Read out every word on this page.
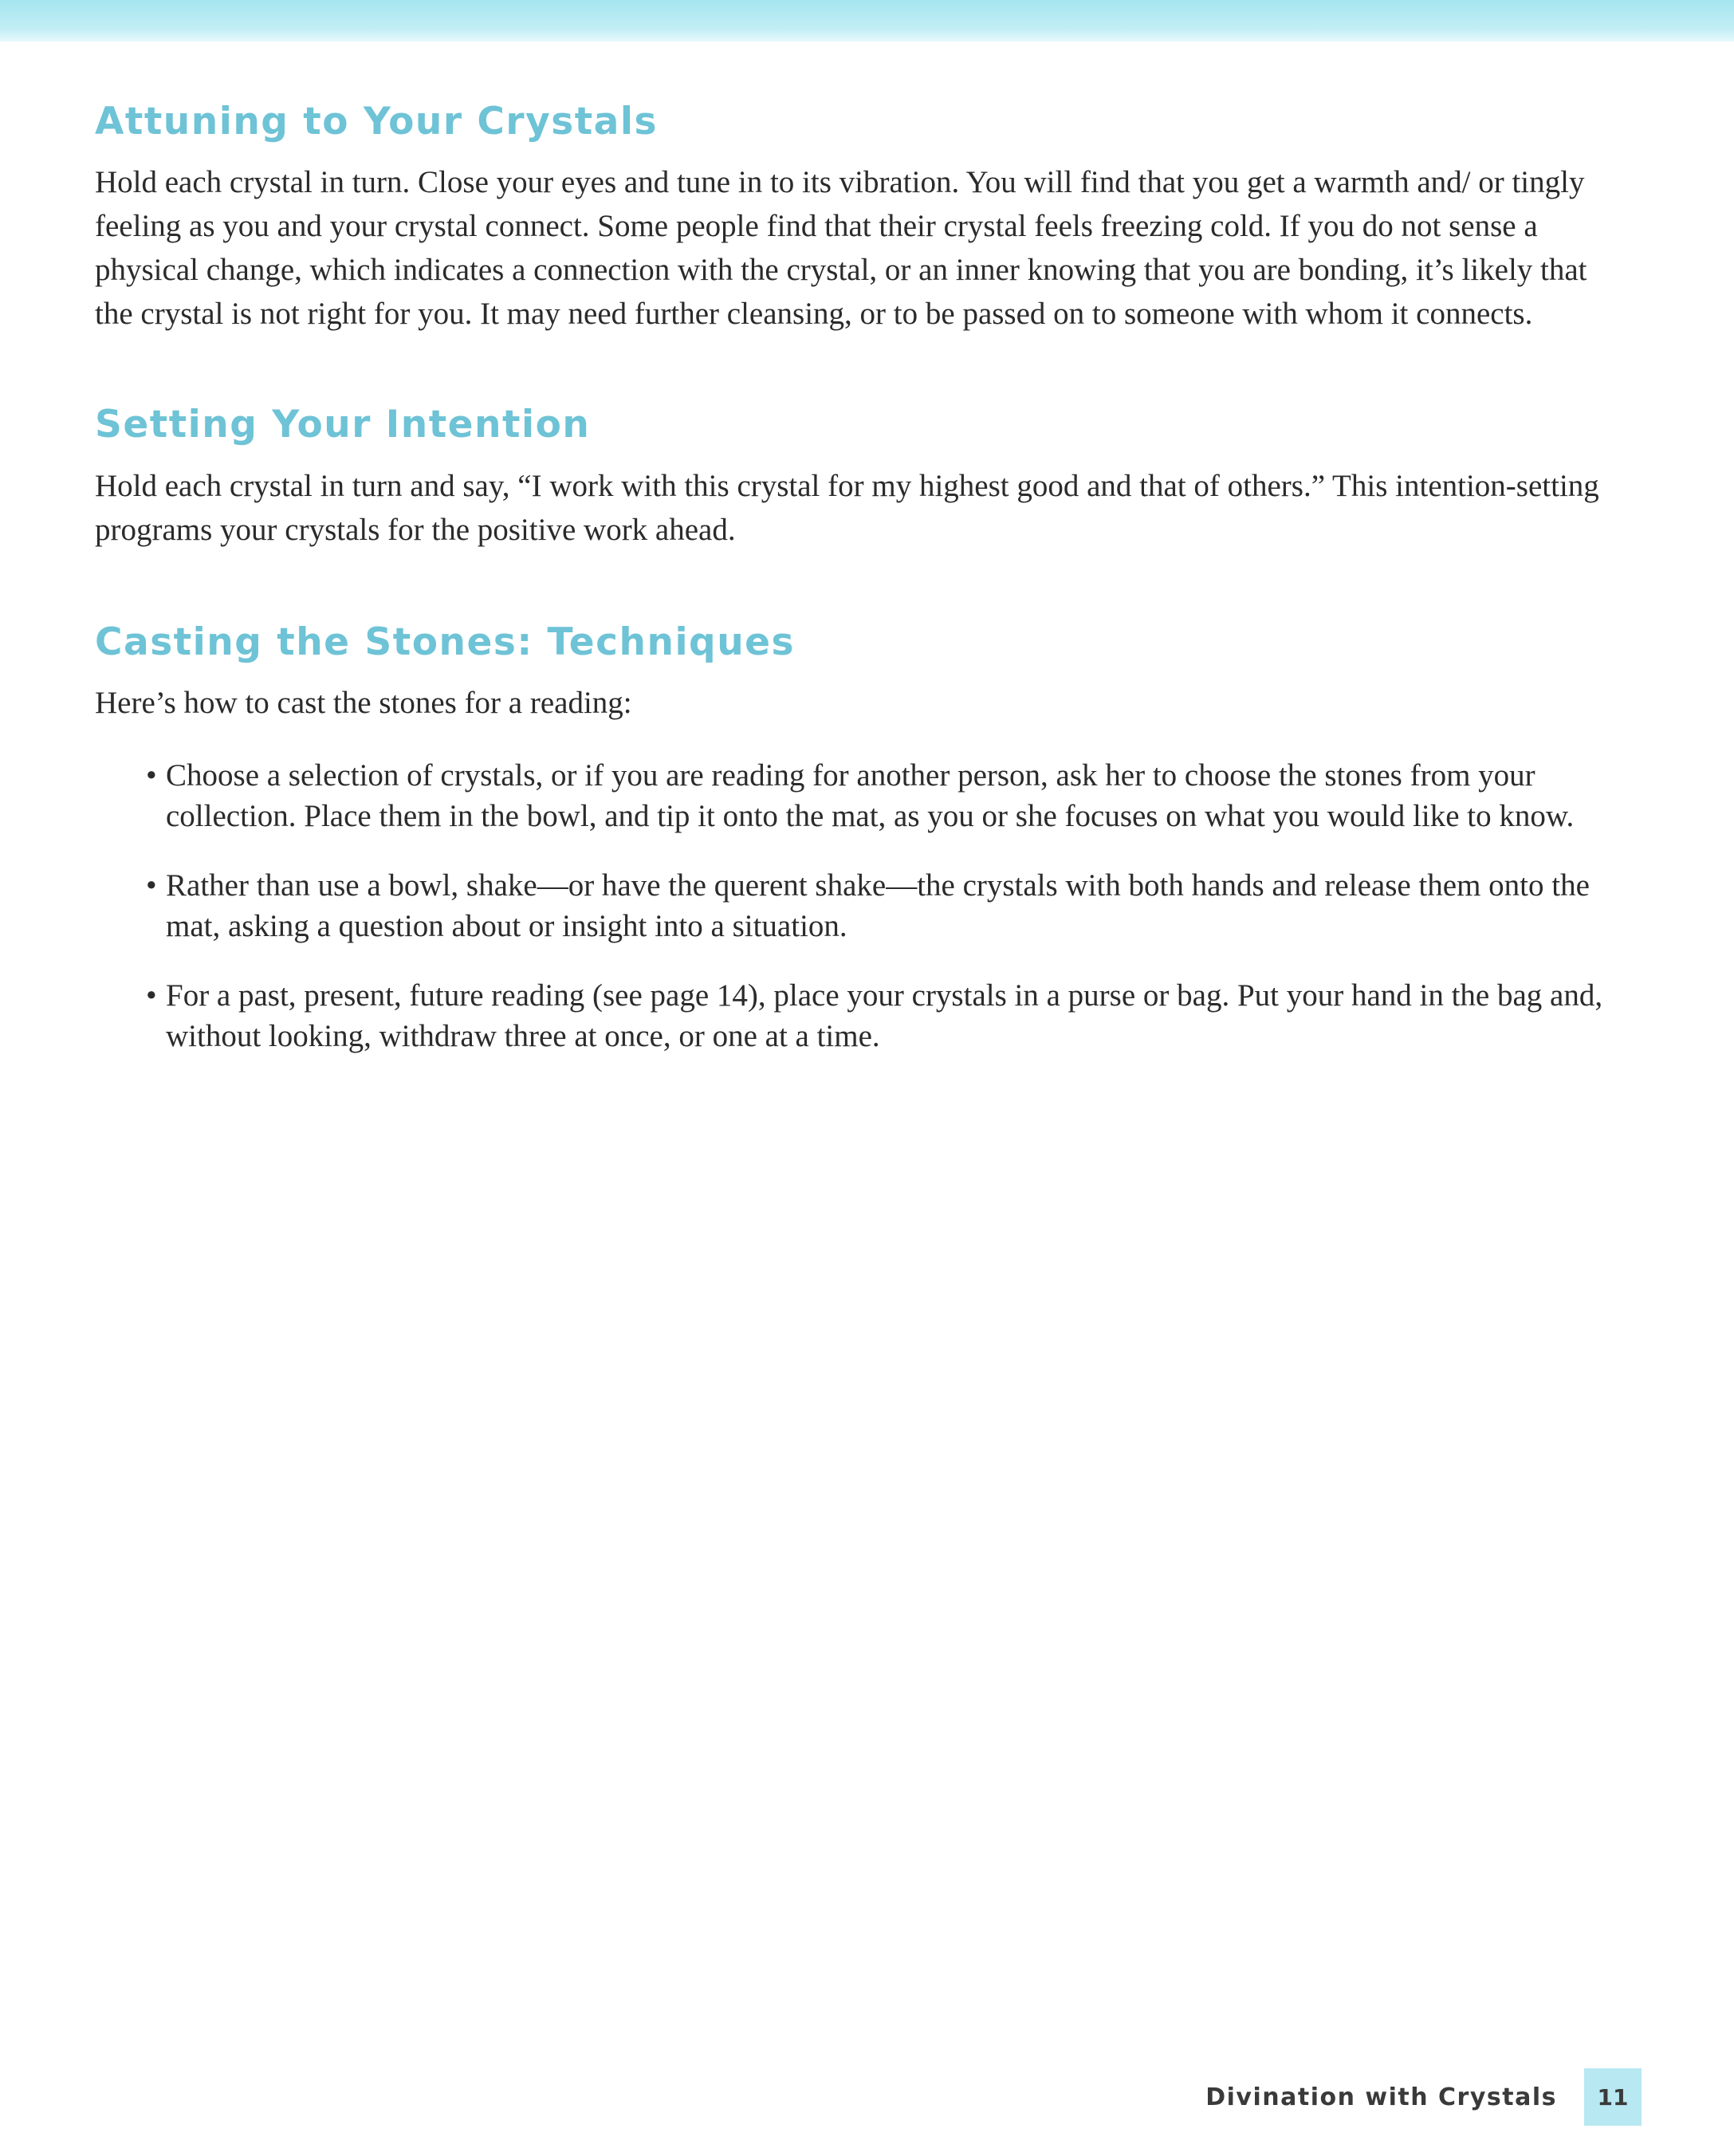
Attuning to Your Crystals

Hold each crystal in turn. Close your eyes and tune in to its vibration. You will find that you get a warmth and/ or tingly feeling as you and your crystal connect. Some people find that their crystal feels freezing cold. If you do not sense a physical change, which indicates a connection with the crystal, or an inner knowing that you are bonding, it’s likely that the crystal is not right for you. It may need further cleansing, or to be passed on to someone with whom it connects.

Setting Your Intention

Hold each crystal in turn and say, “I work with this crystal for my highest good and that of others.” This intention-setting programs your crystals for the positive work ahead.

Casting the Stones: Techniques

Here’s how to cast the stones for a reading:

• Choose a selection of crystals, or if you are reading for another person, ask her to choose the stones from your collection. Place them in the bowl, and tip it onto the mat, as you or she focuses on what you would like to know.
• Rather than use a bowl, shake—or have the querent shake—the crystals with both hands and release them onto the mat, asking a question about or insight into a situation.
• For a past, present, future reading (see page 14), place your crystals in a purse or bag. Put your hand in the bag and, without looking, withdraw three at once, or one at a time.
Divination with Crystals	11
